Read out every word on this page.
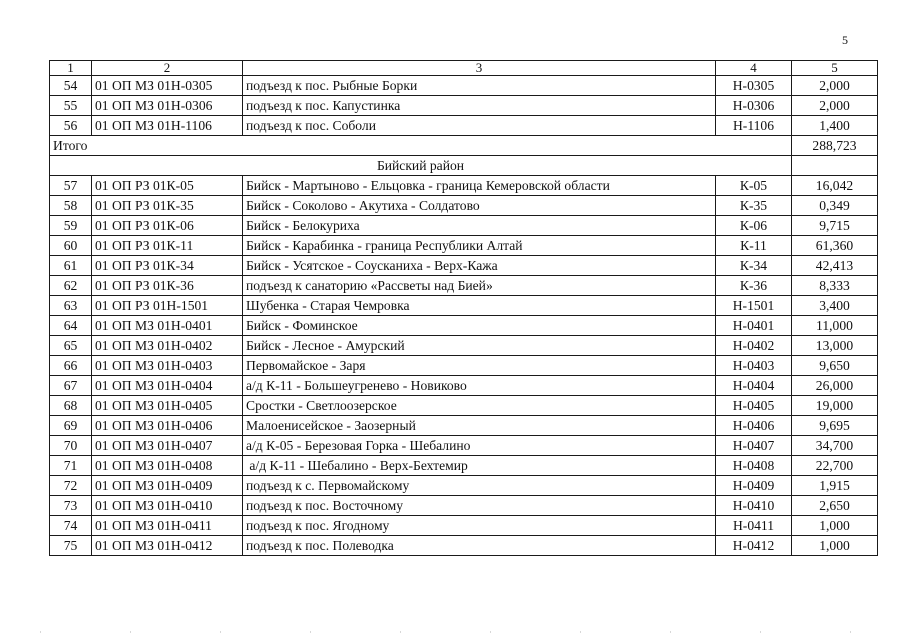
5
1	2	3	4	5
54	01 ОП МЗ 01Н-0305	подъезд к пос. Рыбные Борки	Н-0305	2,000
55	01 ОП МЗ 01Н-0306	подъезд к пос. Капустинка	Н-0306	2,000
56	01 ОП МЗ 01Н-1106	подъезд к пос. Соболи	Н-1106	1,400
Итого				288,723
Бийский район				
57	01 ОП РЗ 01К-05	Бийск - Мартыново - Ельцовка - граница Кемеровской области	К-05	16,042
58	01 ОП РЗ 01К-35	Бийск - Соколово - Акутиха - Солдатово	К-35	0,349
59	01 ОП РЗ 01К-06	Бийск - Белокуриха	К-06	9,715
60	01 ОП РЗ 01К-11	Бийск - Карабинка - граница Республики Алтай	К-11	61,360
61	01 ОП РЗ 01К-34	Бийск - Усятское - Соусканиха - Верх-Кажа	К-34	42,413
62	01 ОП РЗ 01К-36	подъезд к санаторию «Рассветы над Бией»	К-36	8,333
63	01 ОП РЗ 01Н-1501	Шубенка - Старая Чемровка	Н-1501	3,400
64	01 ОП МЗ 01Н-0401	Бийск - Фоминское	Н-0401	11,000
65	01 ОП МЗ 01Н-0402	Бийск - Лесное - Амурский	Н-0402	13,000
66	01 ОП МЗ 01Н-0403	Первомайское - Заря	Н-0403	9,650
67	01 ОП МЗ 01Н-0404	а/д К-11 - Большеугренево - Новиково	Н-0404	26,000
68	01 ОП МЗ 01Н-0405	Сростки - Светлоозерское	Н-0405	19,000
69	01 ОП МЗ 01Н-0406	Малоенисейское - Заозерный	Н-0406	9,695
70	01 ОП МЗ 01Н-0407	а/д К-05 - Березовая Горка - Шебалино	Н-0407	34,700
71	01 ОП МЗ 01Н-0408	а/д К-11 - Шебалино - Верх-Бехтемир	Н-0408	22,700
72	01 ОП МЗ 01Н-0409	подъезд к с. Первомайскому	Н-0409	1,915
73	01 ОП МЗ 01Н-0410	подъезд к пос. Восточному	Н-0410	2,650
74	01 ОП МЗ 01Н-0411	подъезд к пос. Ягодному	Н-0411	1,000
75	01 ОП МЗ 01Н-0412	подъезд к пос. Полеводка	Н-0412	1,000
